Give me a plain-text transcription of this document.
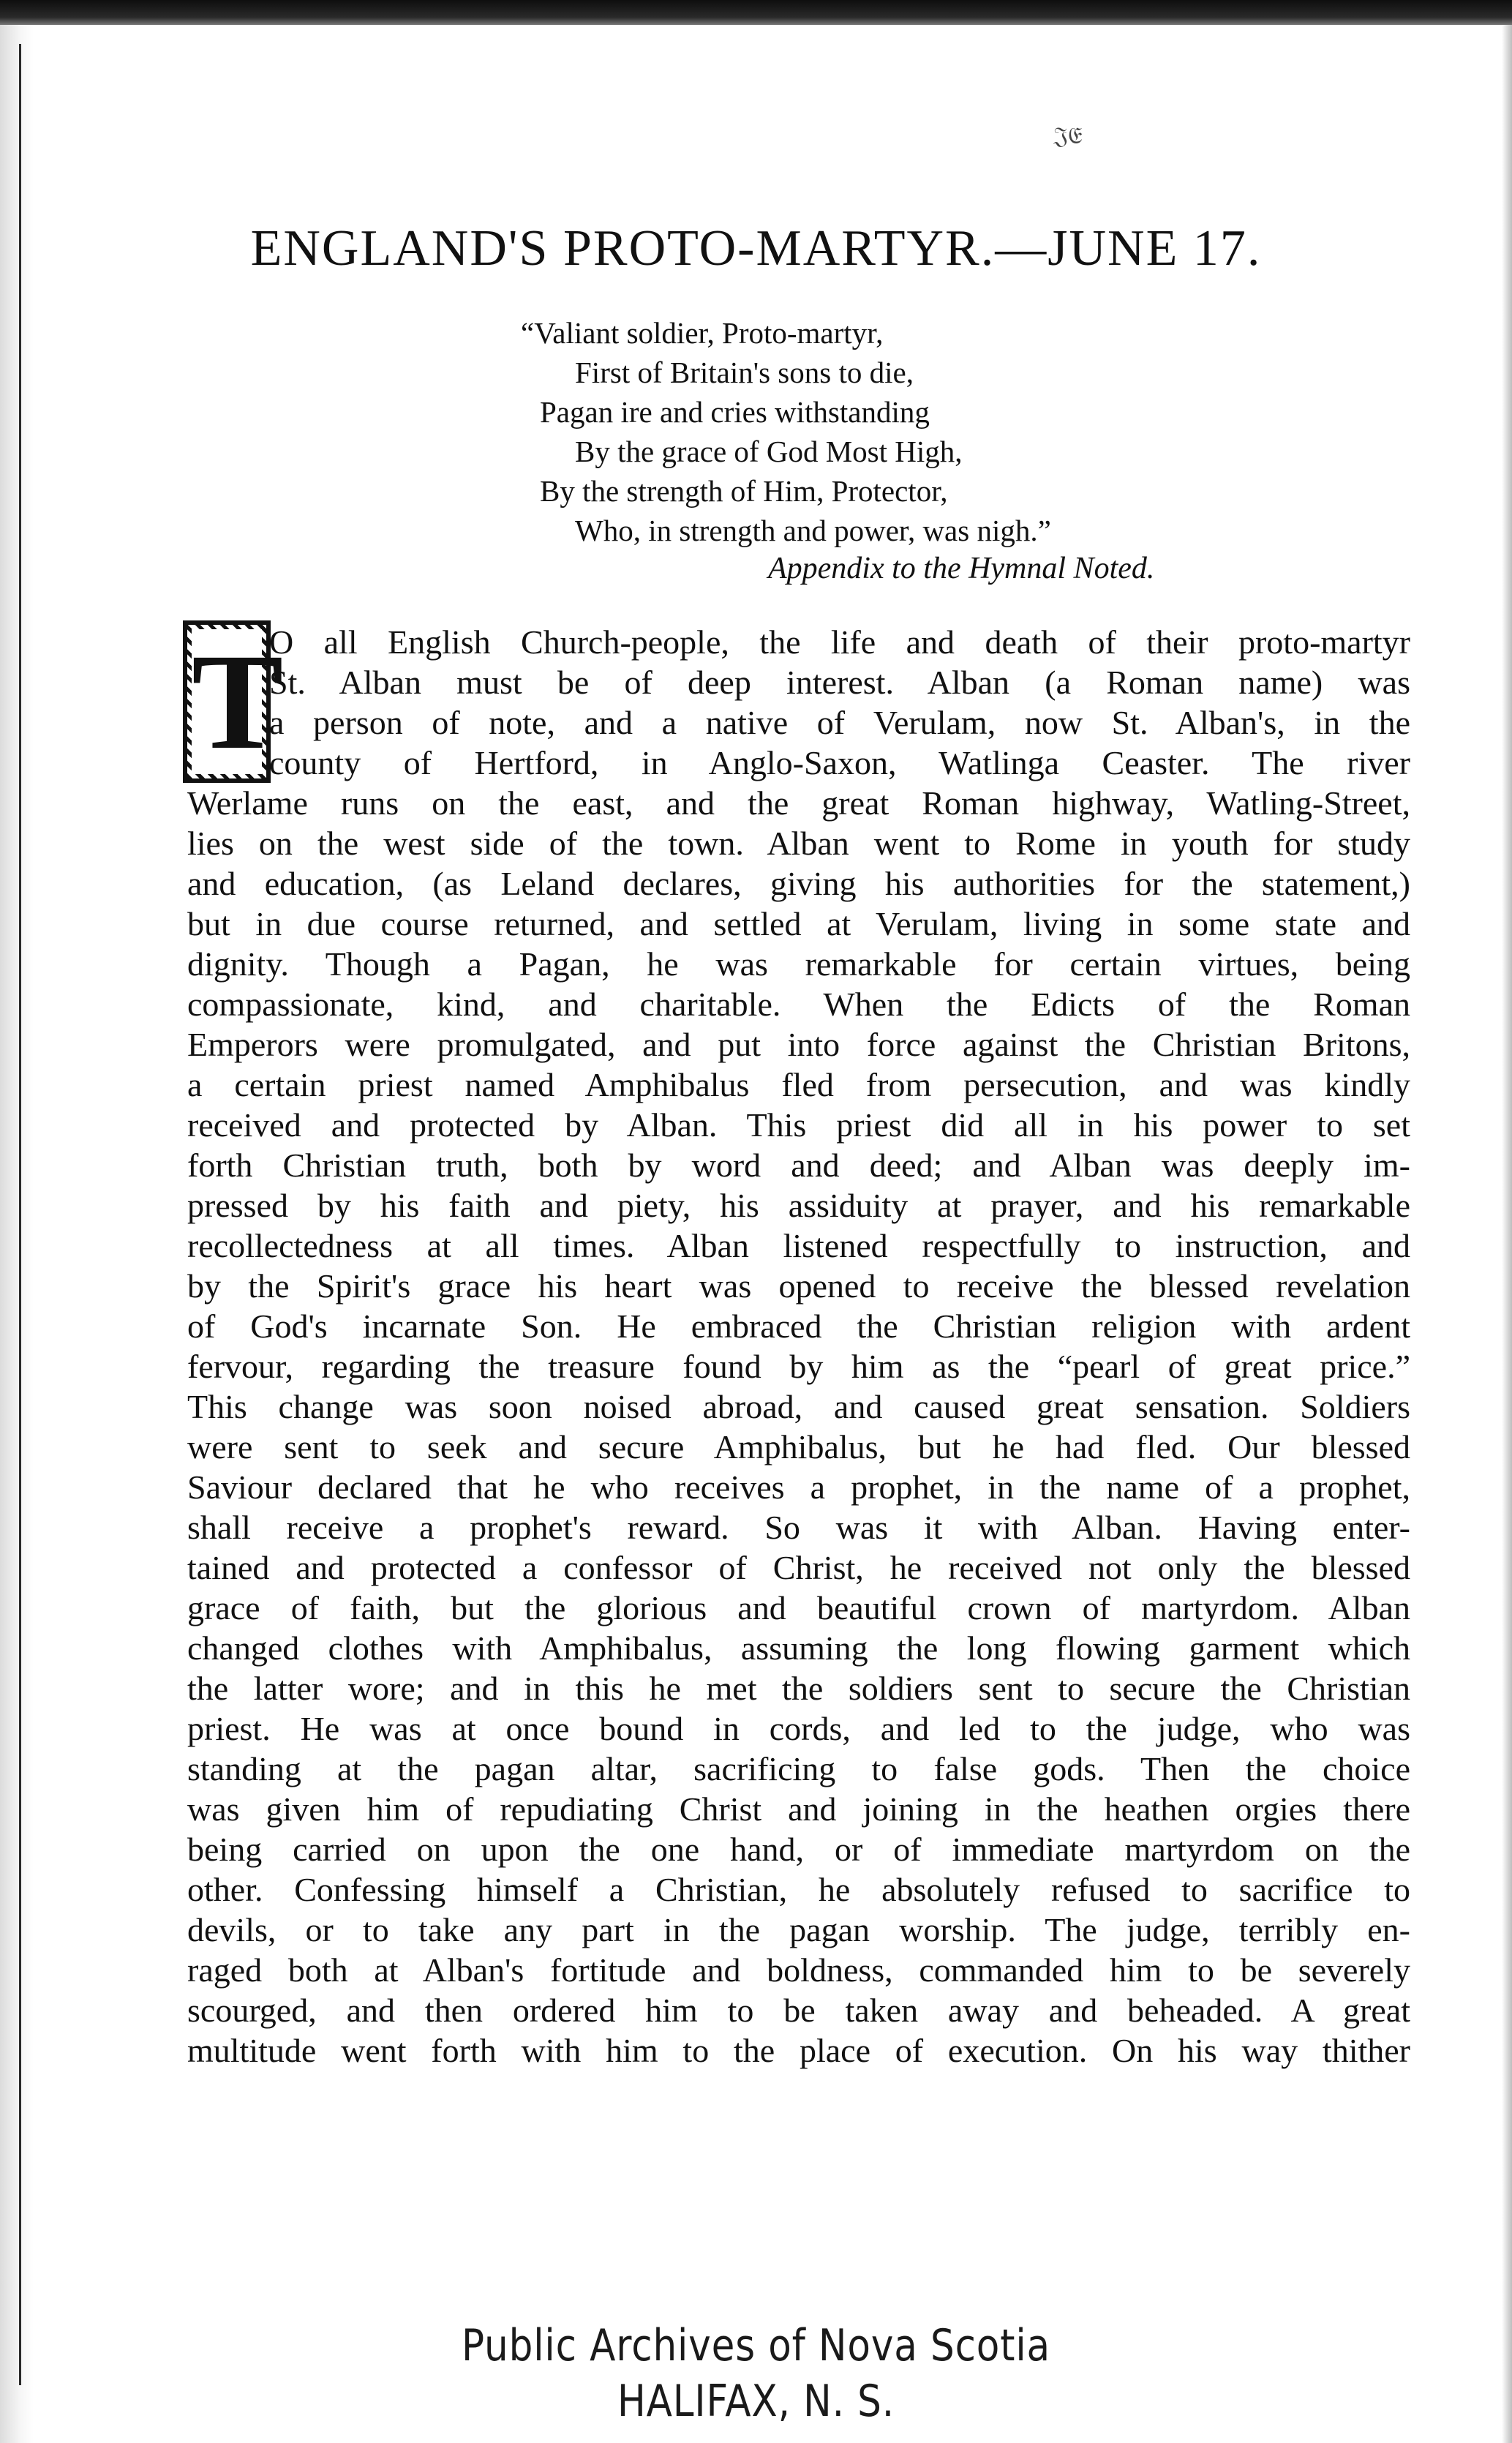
𝔍𝔈
ENGLAND'S PROTO-MARTYR.—JUNE 17.
“Valiant soldier, Proto-martyr,
First of Britain's sons to die,
Pagan ire and cries withstanding
By the grace of God Most High,
By the strength of Him, Protector,
Who, in strength and power, was nigh.”
Appendix to the Hymnal Noted.
T
O all English Church-people, the life and death of their proto-martyr
St. Alban must be of deep interest. Alban (a Roman name) was
a person of note, and a native of Verulam, now St. Alban's, in the
county of Hertford, in Anglo-Saxon, Watlinga Ceaster. The river
Werlame runs on the east, and the great Roman highway, Watling-Street,
lies on the west side of the town. Alban went to Rome in youth for study
and education, (as Leland declares, giving his authorities for the statement,)
but in due course returned, and settled at Verulam, living in some state and
dignity. Though a Pagan, he was remarkable for certain virtues, being
compassionate, kind, and charitable. When the Edicts of the Roman
Emperors were promulgated, and put into force against the Christian Britons,
a certain priest named Amphibalus fled from persecution, and was kindly
received and protected by Alban. This priest did all in his power to set
forth Christian truth, both by word and deed; and Alban was deeply im-
pressed by his faith and piety, his assiduity at prayer, and his remarkable
recollectedness at all times. Alban listened respectfully to instruction, and
by the Spirit's grace his heart was opened to receive the blessed revelation
of God's incarnate Son. He embraced the Christian religion with ardent
fervour, regarding the treasure found by him as the “pearl of great price.”
This change was soon noised abroad, and caused great sensation. Soldiers
were sent to seek and secure Amphibalus, but he had fled. Our blessed
Saviour declared that he who receives a prophet, in the name of a prophet,
shall receive a prophet's reward. So was it with Alban. Having enter-
tained and protected a confessor of Christ, he received not only the blessed
grace of faith, but the glorious and beautiful crown of martyrdom. Alban
changed clothes with Amphibalus, assuming the long flowing garment which
the latter wore; and in this he met the soldiers sent to secure the Christian
priest. He was at once bound in cords, and led to the judge, who was
standing at the pagan altar, sacrificing to false gods. Then the choice
was given him of repudiating Christ and joining in the heathen orgies there
being carried on upon the one hand, or of immediate martyrdom on the
other. Confessing himself a Christian, he absolutely refused to sacrifice to
devils, or to take any part in the pagan worship. The judge, terribly en-
raged both at Alban's fortitude and boldness, commanded him to be severely
scourged, and then ordered him to be taken away and beheaded. A great
multitude went forth with him to the place of execution. On his way thither
Public Archives of Nova Scotia
HALIFAX, N. S.
